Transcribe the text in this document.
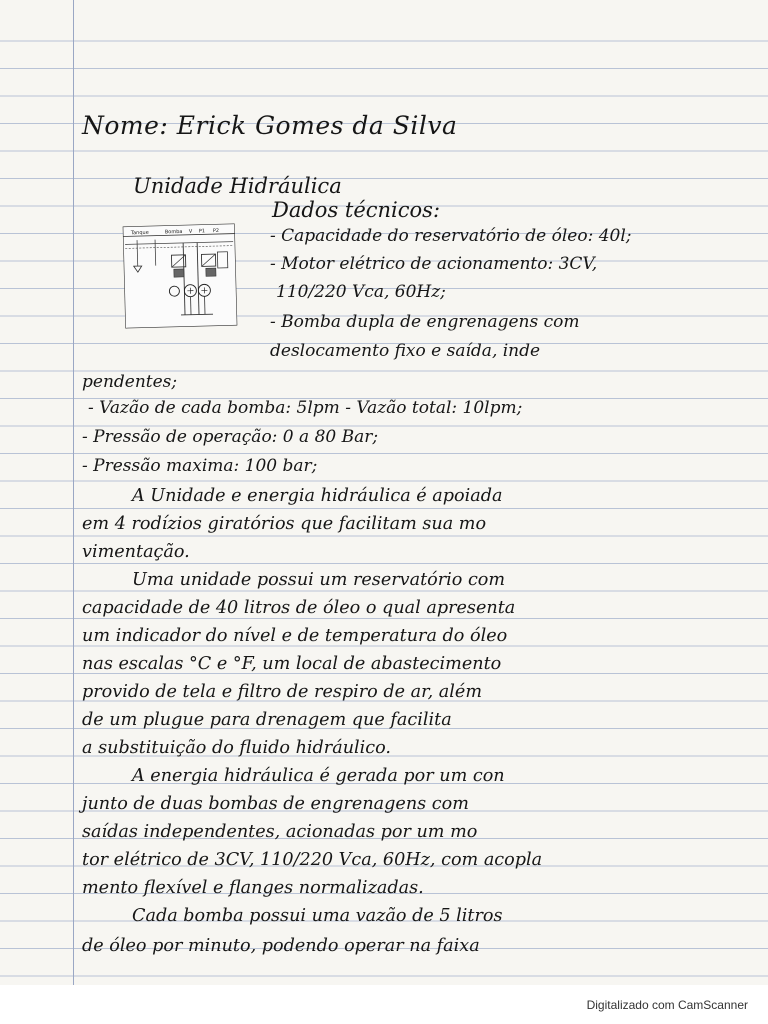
Nome: Erick Gomes da Silva

Unidade Hidráulica

Dados técnicos:

Tanque	Bomba V P1 P2	- Capacidade do reservatório de óleo: 40l;

- Motor elétrico de acionamento: 3CV,

110/220 Vca, 60Hz;

- Bomba dupla de engrenagens com

deslocamento fixo e saída, inde

pendentes;

- Vazão de cada bomba: 5lpm - Vazão total: 10lpm;

- Pressão de operação: 0 a 80 Bar;

- Pressão maxima: 100 bar;

A Unidade e energia hidráulica é apoiada

em 4 rodízios giratórios que facilitam sua mo

vimentação.

Uma unidade possui um reservatório com

capacidade de 40 litros de óleo o qual apresenta

um indicador do nível e de temperatura do óleo

nas escalas °C e °F, um local de abastecimento

provido de tela e filtro de respiro de ar, além

de um plugue para drenagem que facilita

a substituição do fluido hidráulico.

A energia hidráulica é gerada por um con

junto de duas bombas de engrenagens com

saídas independentes, acionadas por um mo

tor elétrico de 3CV, 110/220 Vca, 60Hz, com acopla

mento flexível e flanges normalizadas.

Cada bomba possui uma vazão de 5 litros

de óleo por minuto, podendo operar na faixa

Digitalizado com CamScanner
